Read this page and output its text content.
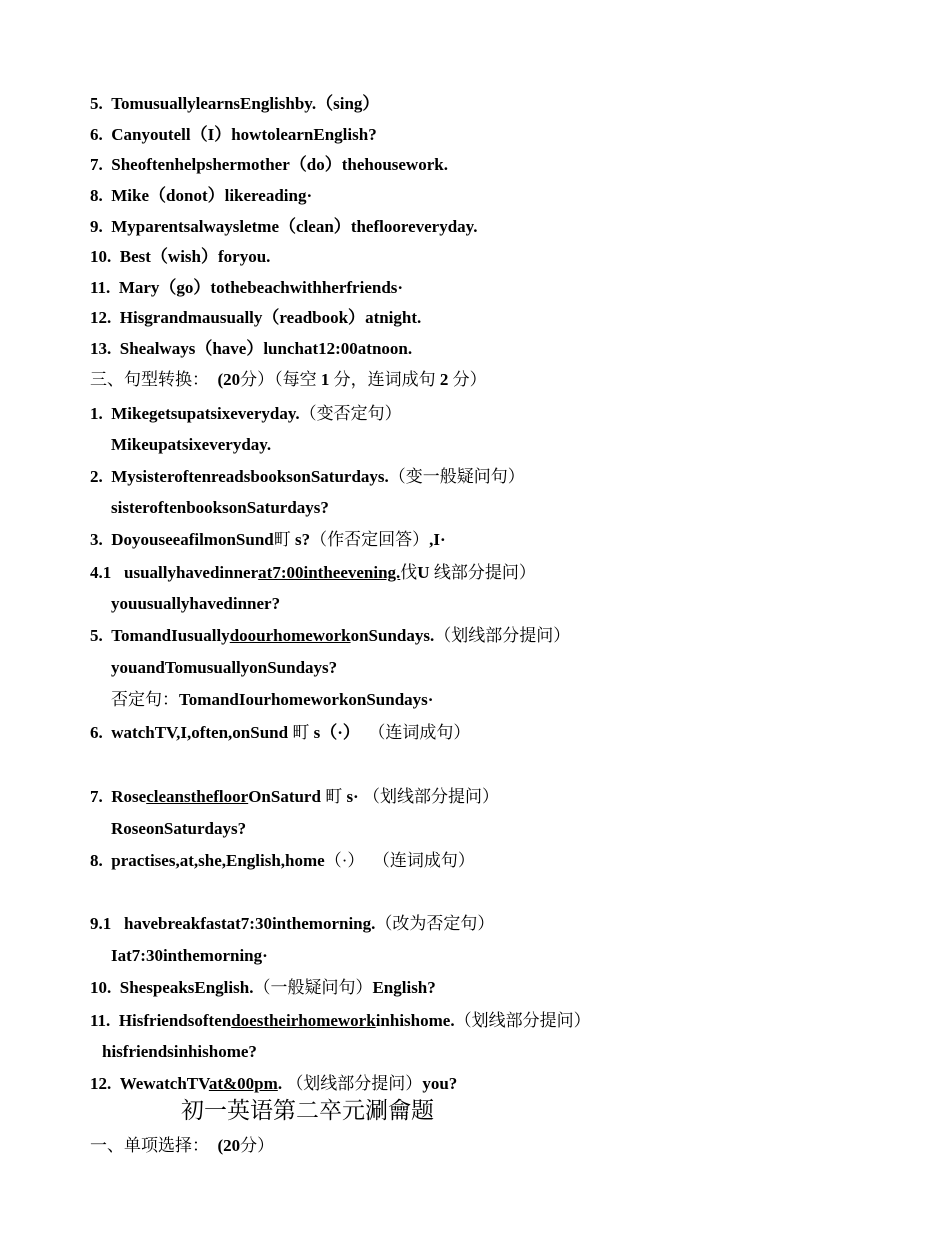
5. TomusuallylearnsEnglishby.（sing）
6. Canyoutell（I）howtolearnEnglish?
7. Sheoftenhelpshermother（do）thehousework.
8. Mike（donot）likereading·
9. Myparentsalwaysletme（clean）theflooreveryday.
10. Best（wish）foryou.
11. Mary（go）tothebeachwithherfriends·
12. Hisgrandmausually（readbook）atnight.
13. Shealways（have）lunchat12:00atnoon.
三、句型转换： (20分）（每空 1 分，连词成句 2 分）
1. Mikegetsupatsixeveryday.（变否定句）
Mikeupatsixeveryday.
2. MysisteroftenreadsbooksonSaturdays.（变一般疑问句）
sisteroftenbooksonSaturdays?
3. DoyouseeafilmonSund町 s?（作否定回答）,I·
4.1 usuallyhavedinnerat7:00intheevening.伐U 线部分提问）
youusuallyhavedinner?
5. TomandIusuallydoourhomeworkonSundays.（划线部分提问）
youandTomusuallyonSundays?
否定句：TomandIourhomeworkonSundays·
6. watchTV,I,often,onSund 町 s（·） （连词成句）
7. RosecleansthefloorOnSaturd 町 s· （划线部分提问）
RoseonSaturdays?
8. practises,at,she,English,home（·） （连词成句）
9.1 havebreakfastat7:30inthemorning.（改为否定句）
Iat7:30inthemorning·
10. ShespeaksEnglish.（一般疑问句）English?
11. Hisfriendsoftendoestheirhomeworkinhishome.（划线部分提问）
hisfriendsinhishome?
12. WewatchTVat&00pm. （划线部分提问）you?
初一英语第二卒元涮龠题
一、单项选择： (20分）
